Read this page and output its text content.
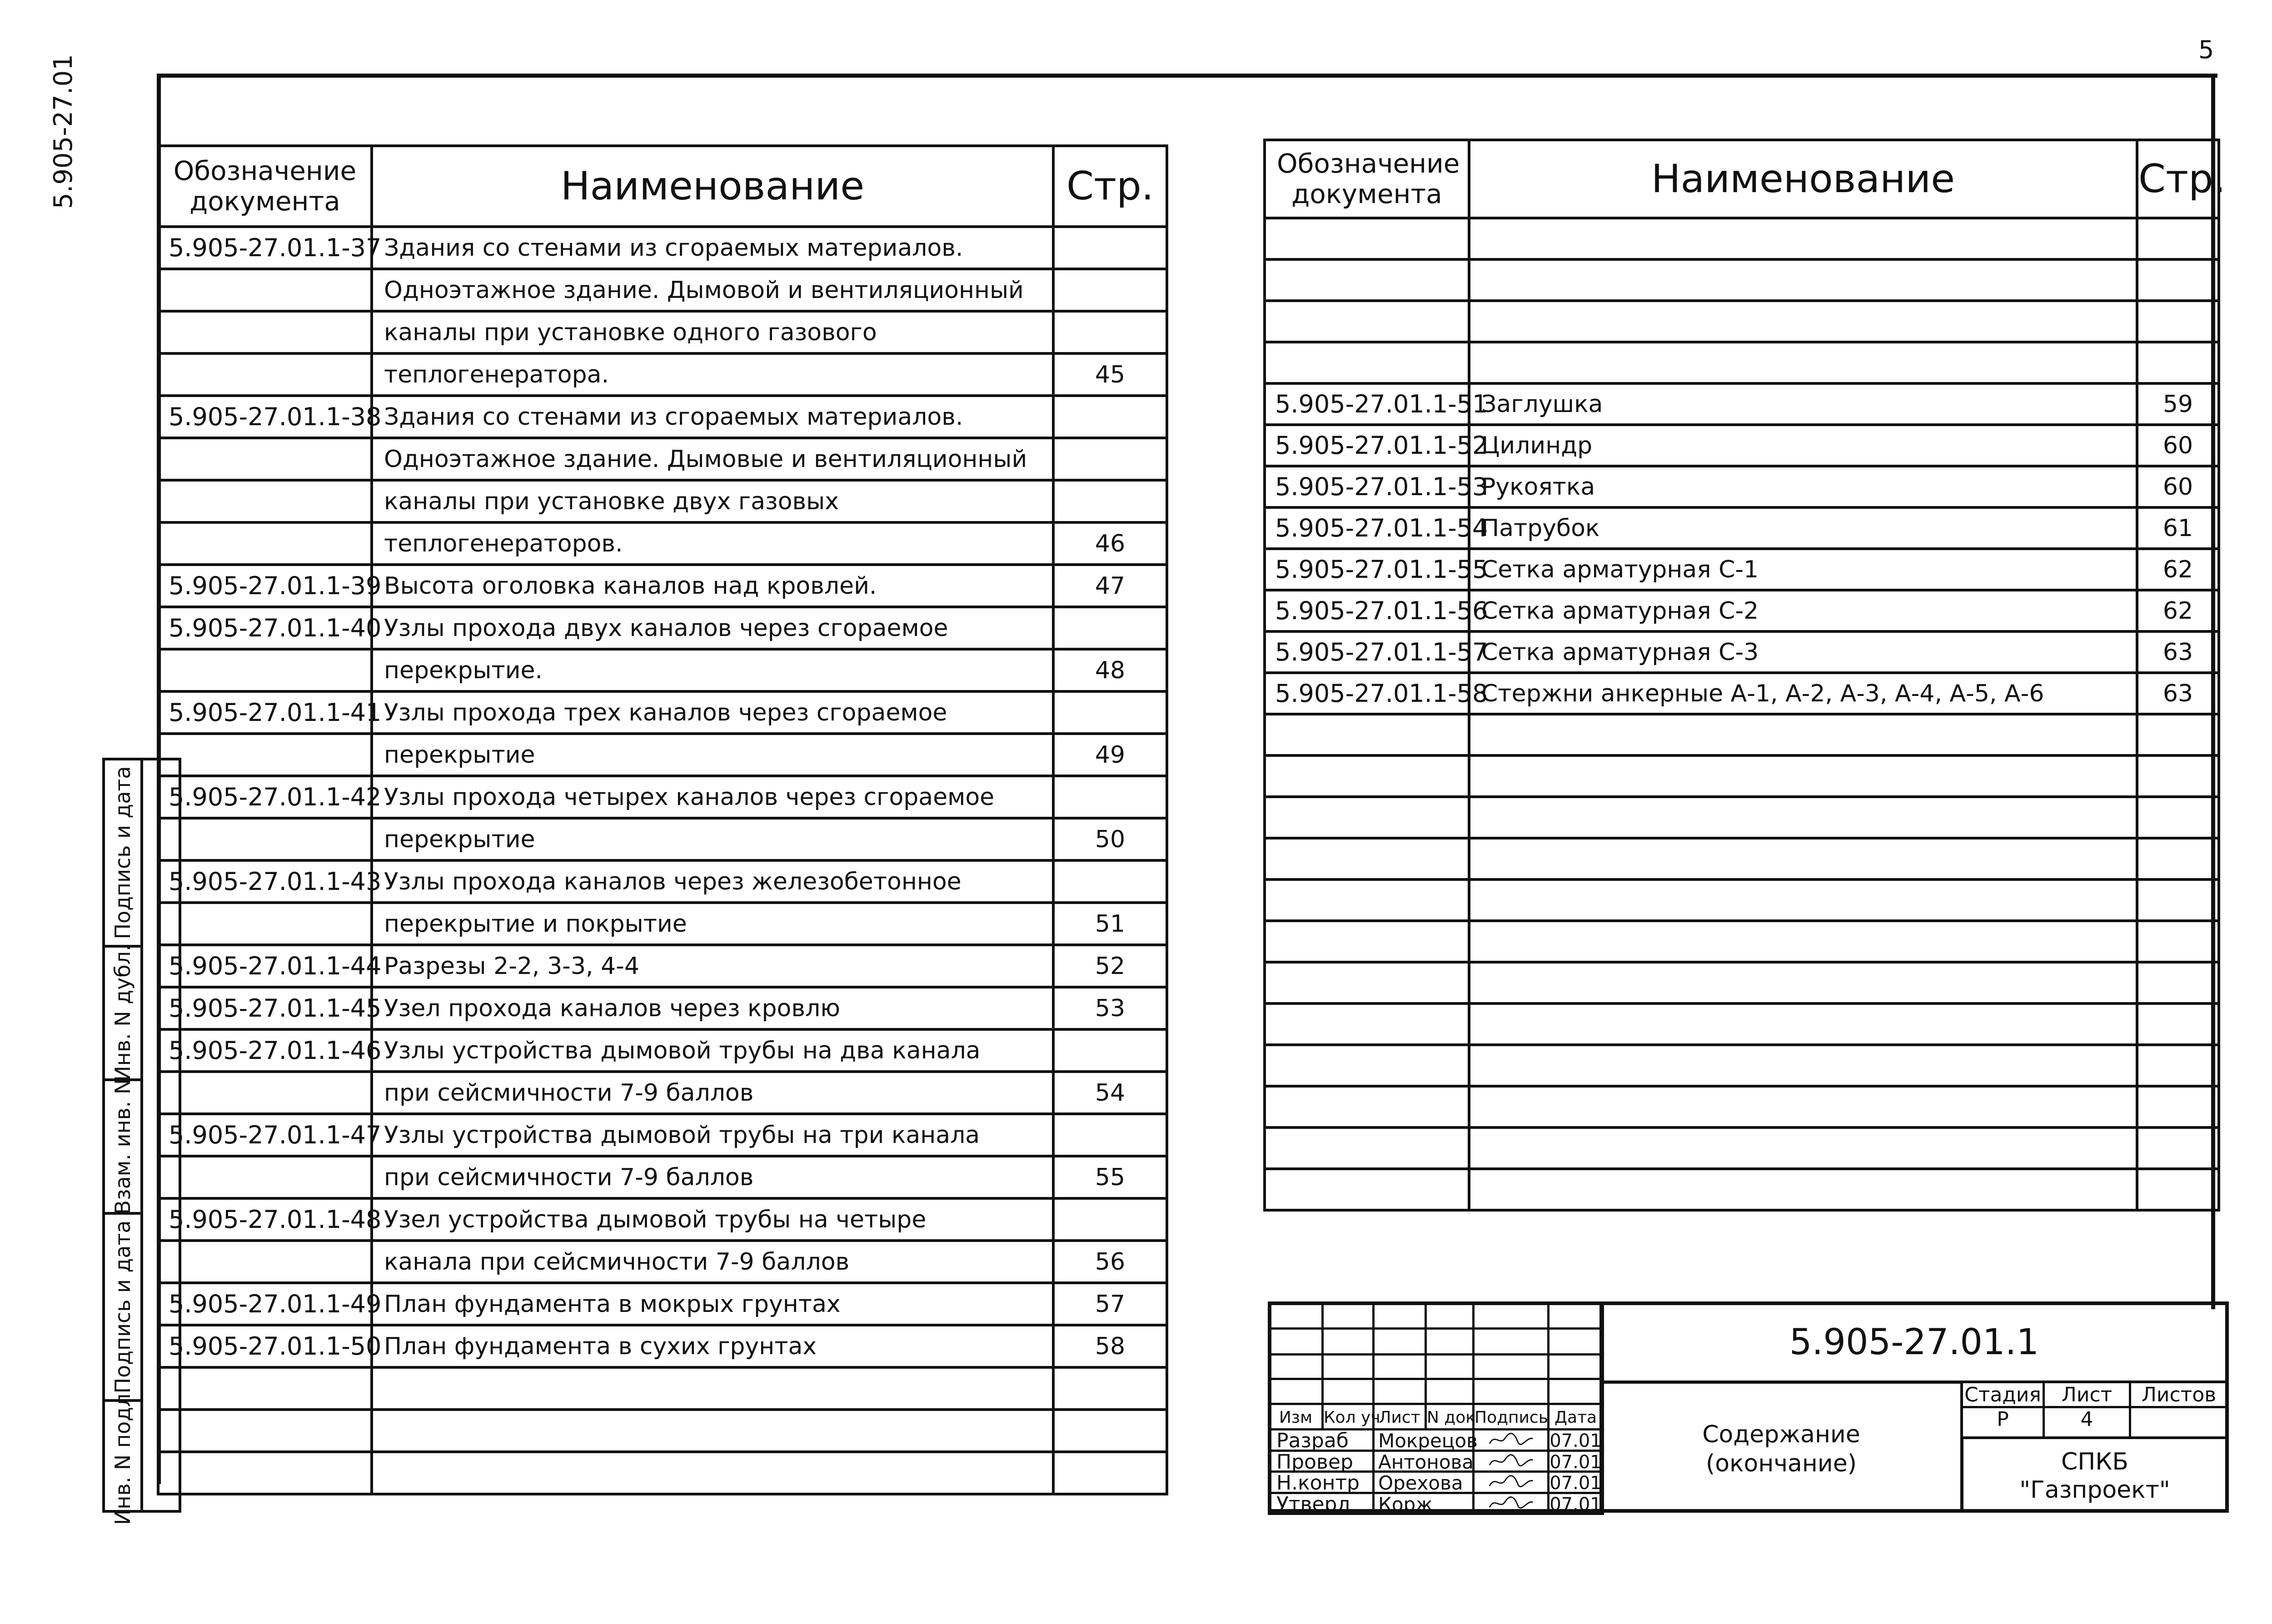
5
5.905-27.01	Обозначение документа	Наименование	Стр.
5.905-27.01.1-37	Здания со стенами из сгораемых материалов.	
	Одноэтажное здание. Дымовой и вентиляционный	
	каналы при установке одного газового	
	теплогенератора.	45
5.905-27.01.1-38	Здания со стенами из сгораемых материалов.	
	Одноэтажное здание. Дымовые и вентиляционный	
	каналы при установке двух газовых	
	теплогенераторов.	46
5.905-27.01.1-39	Высота оголовка каналов над кровлей.	47
5.905-27.01.1-40	Узлы прохода двух каналов через сгораемое	
	перекрытие.	48
5.905-27.01.1-41	Узлы прохода трех каналов через сгораемое	
	перекрытие	49
5.905-27.01.1-42	Узлы прохода четырех каналов через сгораемое	
	перекрытие	50
5.905-27.01.1-43	Узлы прохода каналов через железобетонное	
	перекрытие и покрытие	51
5.905-27.01.1-44	Разрезы 2-2, 3-3, 4-4	52
5.905-27.01.1-45	Узел прохода каналов через кровлю	53
5.905-27.01.1-46	Узлы устройства дымовой трубы на два канала	
	при сейсмичности 7-9 баллов	54
5.905-27.01.1-47	Узлы устройства дымовой трубы на три канала	
	при сейсмичности 7-9 баллов	55
5.905-27.01.1-48	Узел устройства дымовой трубы на четыре	
	канала при сейсмичности 7-9 баллов	56
5.905-27.01.1-49	План фундамента в мокрых грунтах	57
5.905-27.01.1-50	План фундамента в сухих грунтах	58

Обозначение документа	Наименование	Стр.

5.905-27.01.1-51	Заглушка	59
5.905-27.01.1-52	Цилиндр	60
5.905-27.01.1-53	Рукоятка	60
5.905-27.01.1-54	Патрубок	61
5.905-27.01.1-55	Сетка арматурная С-1	62
5.905-27.01.1-56	Сетка арматурная С-2	62
5.905-27.01.1-57	Сетка арматурная С-3	63
5.905-27.01.1-58	Стержни анкерные А-1, А-2, А-3, А-4, А-5, А-6	63

Подпись и дата
Инв. N дубл.
Взам. инв. N
Подпись и дата
Инв. N подл.	Изм Кол уч
Лист N док
Подпись Дата
Разраб	Мокрецов	07.01
Провер	Антонова	07.01
Н.контр Орехова	07.01
Утверд	Корж	07.01
5.905-27.01.1
Содержание
(окончание)
Стадия	Лист	Листов
Р	4
СПКБ
"Газпроект"
